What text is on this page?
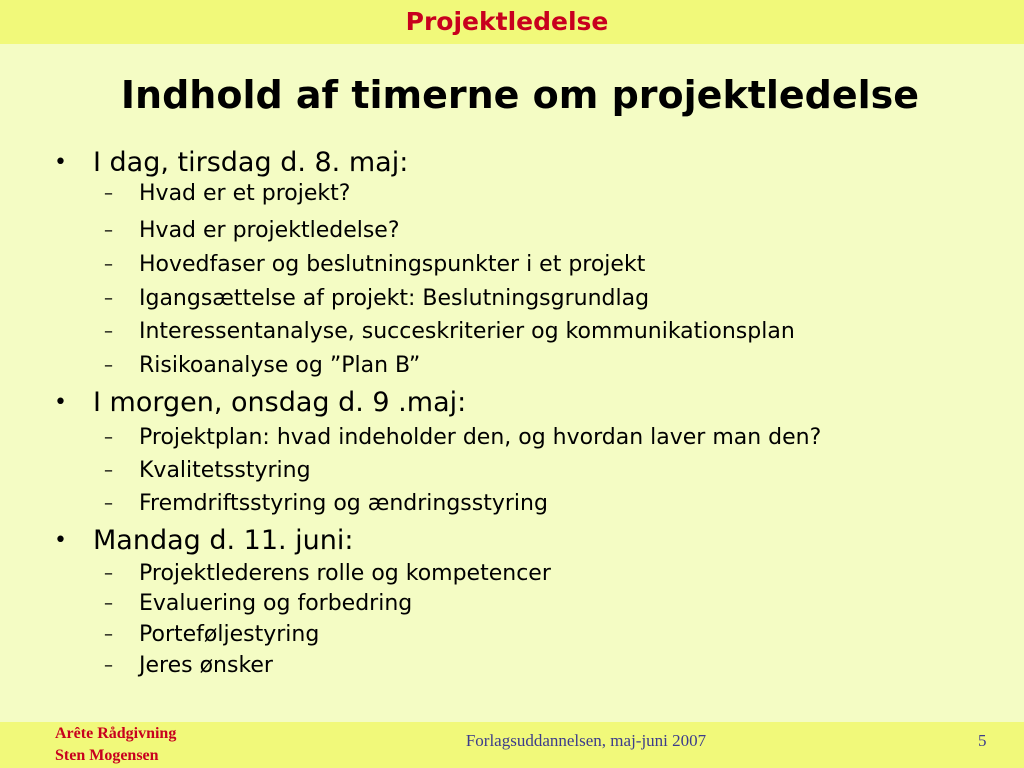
Projektledelse
Indhold af timerne om projektledelse
• I dag, tirsdag d. 8. maj:
– Hvad er et projekt?
– Hvad er projektledelse?
– Hovedfaser og beslutningspunkter i et projekt
– Igangsættelse af projekt: Beslutningsgrundlag
– Interessentanalyse, succeskriterier og kommunikationsplan
– Risikoanalyse og ”Plan B”
• I morgen, onsdag d. 9 .maj:
– Projektplan: hvad indeholder den, og hvordan laver man den?
– Kvalitetsstyring
– Fremdriftsstyring og ændringsstyring
• Mandag d. 11. juni:
– Projektlederens rolle og kompetencer
– Evaluering og forbedring
– Porteføljestyring
– Jeres ønsker
Arête Rådgivning
Sten Mogensen
Forlagsuddannelsen, maj-juni 2007	5
